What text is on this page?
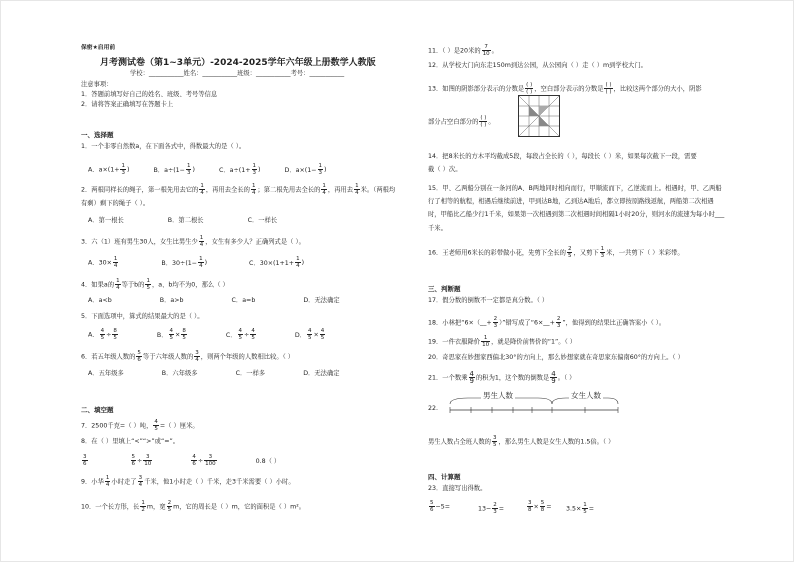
保密★启用前
月考测试卷（第1~3单元）-2024-2025学年六年级上册数学人教版
学校：___________姓名：___________班级：___________考号：___________
注意事项：
1．答题前填写好自己的姓名、班级、考号等信息
2．请将答案正确填写在答题卡上
一、选择题
1．一个非零自然数a，在下面各式中，得数最大的是（ ）。
A．$a\times(1+ \frac{1}{3}$ )	B．$a\div(1- \frac{1}{3}$ )	C．$a\div(1+ \frac{1}{3}$ )	D．$a\times(1- \frac{1}{3}$ )
2．两根同样长的绳子，第一根先用去它的 $\frac{1}{4}$ ，再用去全长的 $\frac{1}{4}$ ；第二根先用去全长的 $\frac{1}{4}$ ，再用去 $\frac{1}{4}$ 米。（两根均
有剩）剩下的绳子（ ）。
A．第一根长	B．第二根长	C．一样长
3．六（1）班有男生30人，女生比男生少 $\frac{1}{4}$ ，女生有多少人？正确列式是（ ）。
A．$30\times \frac{1}{4}$	B．$30\div(1- \frac{1}{4}$ )	C．$30\times(1+1+ \frac{1}{4}$ )
4．如果a的 $\frac{1}{4}$ 等于b的 $\frac{1}{5}$ ，a、b均不为0，那么（ ）
A．a<b	B．a>b	C．a=b	D．无法确定
5．下面选项中，算式的结果最大的是（ ）。
A． $\frac{4}{5} \div \frac{8}{5}$	B． $\frac{4}{5} \times \frac{8}{5}$	C． $\frac{4}{5} \div \frac{4}{5}$	D． $\frac{4}{5} \times \frac{4}{5}$
6．若五年级人数的 $\frac{5}{6}$ 等于六年级人数的 $\frac{3}{4}$ ，则两个年级的人数相比较。（ ）
A．五年级多	B．六年级多	C．一样多	D．无法确定
二、填空题
7．2500千克=（ ）吨， $\frac{4}{5}$ =（ ）厘米。
8．在（ ）里填上“<”“>”或“=”。
$\frac{3}{6}$
	$\frac{5}{6} \div \frac{3}{10}$
	$\frac{4}{6} \div \frac{3}{100}$	0.8（ ）
9．小华 $\frac{1}{4}$ 小时走了 $\frac{3}{4}$ 千米，他1小时走（ ）千米，走3千米需要（ ）小时。
10．一个长方形，长 $\frac{1}{2}$ m，宽 $\frac{2}{5}$ m，它的周长是（ ）m，它的面积是（ ）m²。
11．（ ）是20米的 $\frac{7}{10}$ 。
12．从学校大门向东走150m到达公园，从公园向（ ）走（ ）m到学校大门。
13．如图的阴影部分表示的分数是 $\frac{( )}{( )}$ ，空白部分表示的分数是 $\frac{( )}{( )}$ ，比较这两个部分的大小，阴影
部分占空白部分的 $\frac{( )}{( )}$ 。
14．把8米长的方木平均截成5段，每段占全长的（ ），每段长（ ）米，如果每次截下一段，需要
截（ ）次。
15．甲、乙两船分别在一条河的A、B两地同时相向而行，甲顺流而下，乙逆流而上。相遇时，甲、乙两船
行了相等的航程，相遇后继续前进，甲到达B地，乙到达A地后，都立即按原路线返航，两船第二次相遇
时，甲船比乙船少行1千米，如果第一次相遇到第二次相遇时间相隔1小时20分，则河水的流速为每小时___
千米。
16．王老师用6米长的彩带做小花，先剪下全长的 $\frac{2}{5}$ ，又剪下 $\frac{1}{3}$ 米，一共剪下（ ）米彩带。
三、判断题
17．假分数的倒数不一定都是真分数。（ ）
18．小林把“6×（__+ $\frac{2}{3}$ ）”错写成了“6×__+ $\frac{2}{3}$ ”，他得到的结果比正确答案小（ ）。
19．一件衣服降价 $\frac{1}{10}$ ，就是降价前售价的“1”。（ ）
20．奇思家在妙想家西偏北30°的方向上，那么妙想家就在奇思家东偏南60°的方向上。（ ）
21．一个数乘 $\frac{4}{9}$ 的积为1，这个数的倒数是 $\frac{4}{9}$ 。（ ）
22.
男生人数	女生人数
男生人数占全班人数的 $\frac{3}{5}$ ，那么男生人数是女生人数的1.5倍。（ ）
四、计算题
23．直接写出得数。
$\frac{5}{6} -5=$	$13- \frac{2}{3}$ =	$\frac{3}{8} \times \frac{5}{8} = 3.5\times \frac{1}{5}$ =
